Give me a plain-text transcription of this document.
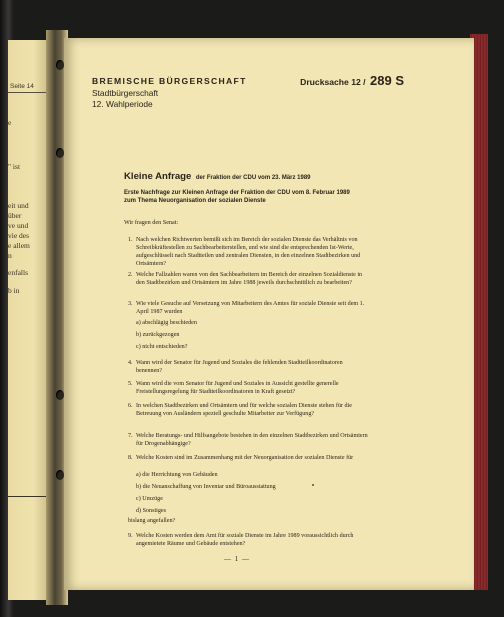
Seite 14
e
" ist
eit und
über
ve und
vie des
e allem
n
enfalls
b in
BREMISCHE BÜRGERSCHAFT
Stadtbürgerschaft
12. Wahlperiode
Drucksache 12 / 289 S
Kleine Anfrage der Fraktion der CDU vom 23. März 1989
Erste Nachfrage zur Kleinen Anfrage der Fraktion der CDU vom 8. Februar 1989
zum Thema Neuorganisation der sozialen Dienste
Wir fragen den Senat:
1. Nach welchen Richtwerten bemißt sich im Bereich der sozialen Dienste das Verhältnis von Schreibkräftestellen zu Sachbearbeiterstellen, und wie sind die entsprechenden Ist-Werte, aufgeschlüsselt nach Stadtteilen und zentralen Diensten, in den einzelnen Stadtbezirken und Ortsämtern?
2. Welche Fallzahlen waren von den Sachbearbeitern im Bereich der einzelnen Sozialdienste in den Stadtbezirken und Ortsämtern im Jahre 1988 jeweils durchschnittlich zu bearbeiten?
3. Wie viele Gesuche auf Versetzung von Mitarbeitern des Amtes für soziale Dienste seit dem 1. April 1987 wurden
a) abschlägig beschieden
b) zurückgezogen
c) nicht entschieden?
4. Wann wird der Senator für Jugend und Soziales die fehlenden Stadtteilkoordinatoren benennen?
5. Wann wird die vom Senator für Jugend und Soziales in Aussicht gestellte generelle Freistellungsregelung für Stadtteilkoordinatoren in Kraft gesetzt?
6. In welchen Stadtbezirken und Ortsämtern und für welche sozialen Dienste stehen für die Betreuung von Ausländern speziell geschulte Mitarbeiter zur Verfügung?
7. Welche Beratungs- und Hilfsangebote bestehen in den einzelnen Stadtbezirken und Ortsämtern für Drogenabhängige?
8. Welche Kosten sind im Zusammenhang mit der Neuorganisation der sozialen Dienste für
a) die Herrichtung von Gebäuden
b) die Neuanschaffung von Inventar und Büroausstattung
c) Umzüge
d) Sonstiges
bislang angefallen?
9. Welche Kosten werden dem Amt für soziale Dienste im Jahre 1989 voraussichtlich durch angemietete Räume und Gebäude entstehen?
— 1 —
